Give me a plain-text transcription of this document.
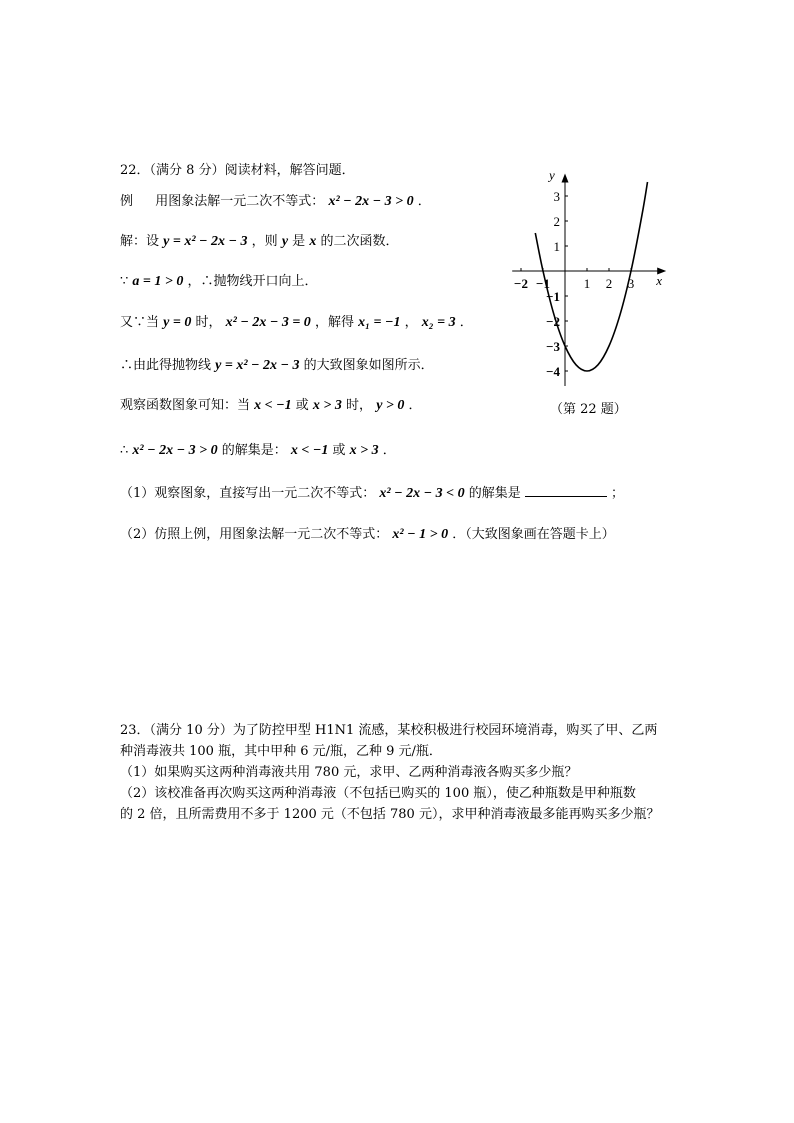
22．（满分 8 分）阅读材料，解答问题．
例 用图象法解一元二次不等式： x² − 2x − 3 > 0 ．
解：设 y = x² − 2x − 3 ，则 y 是 x 的二次函数．
∵ a = 1 > 0 ，∴抛物线开口向上．
又∵当 y = 0 时， x² − 2x − 3 = 0 ，解得 x₁ = −1 ， x₂ = 3 ．
∴由此得抛物线 y = x² − 2x − 3 的大致图象如图所示．
观察函数图象可知：当 x < −1 或 x > 3 时， y > 0 ．
∴ x² − 2x − 3 > 0 的解集是： x < −1 或 x > 3 ．
（1）观察图象，直接写出一元二次不等式： x² − 2x − 3 < 0 的解集是	；
（2）仿照上例，用图象法解一元二次不等式： x² − 1 > 0 ．（大致图象画在答题卡上）
x
y
−2 −1	1 2 3
3
2
1
−1
−2
−3
−4
（第 22 题）
23．（满分 10 分）为了防控甲型 H1N1 流感，某校积极进行校园环境消毒，购买了甲、乙两
种消毒液共 100 瓶，其中甲种 6 元/瓶，乙种 9 元/瓶．
（1）如果购买这两种消毒液共用 780 元，求甲、乙两种消毒液各购买多少瓶？
（2）该校准备再次购买这两种消毒液（不包括已购买的 100 瓶），使乙种瓶数是甲种瓶数
的 2 倍，且所需费用不多于 1200 元（不包括 780 元），求甲种消毒液最多能再购买多少瓶？
